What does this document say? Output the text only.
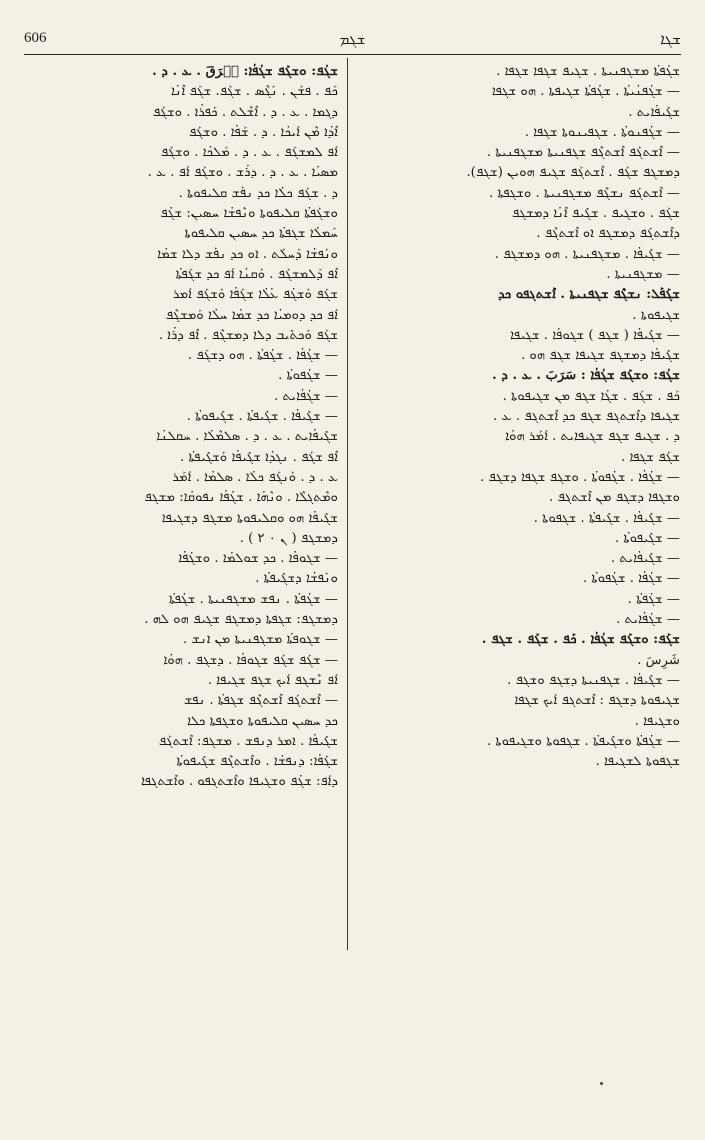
606	ܫܓܡ	ܫܓܐ
ܫܓܳܦܬܳܐ ܡܫܓܦܢܝܬܐ . ܫܓܝܦ ܫܓܦܐ ܫܓܦܐ .
— ܫܓܳܦܢܳܝܬܳܐ . ܫܓܳܦܬܳܐ ܫܓܝܦܬܐ . ܗܘ ܫܓܦܐ
ܫܓܺܝܦܳܐܝܬ .
— ܫܓܳܦܢܘܬܳܐ . ܫܓܦܝܢܘܬܐ ܫܓܦܐ .
— ܐܶܫܬܓܰܦ ܐܶܫܬܓܶܦ ܫܓܦܢܝܬܐ ܡܫܓܦܢܝܬܐ .
ܕܡܫܓܦ ܫܓܰܦ . ܐܶܫܬܓܰܦ ܫܓܝܦ ܗܘܝܢ (ܫܓܦ).
— ܐܶܫܬܓܰܦ ܢܫܓܶܦ ܡܫܓܦܢܝܬܐ . ܘܫܓܦܬܐ .
ܫܓܰܦ . ܘܫܓܝܦ . ܫܓܺܝܦ ܐܶܢܳܐ ܕܡܫܓܦ
ܕܐܶܫܬܓܰܦ ܕܡܫܓܦ ܐܘ ܐܶܫܬܓܶܦ .
— ܫܓܺܝܦܳܐ . ܡܫܓܦܢܝܬܐ . ܗܘ ܕܡܫܓܦ .
— ܡܫܓܦܢܝܬܐ .
ܫܓܰܦܰܠ: ܢܫܓܶܦ ܫܓܦܢܝܬܐ . ܐܶܫܬܓܦܘ ܟܕ
ܫܓܝܦܘܬܐ .
— ܫܓܺܝܦܳܐ ( ܫܓܦ ) ܫܓܘܦܳܐ . ܫܓܝܦܐ
ܫܓܺܝܦܳܐ ܕܡܫܓܦ ܫܓܝܦܐ ܫܓܦ ܗܘ .
ܫܓܳܦ: ܘܫܓܰܦ ܫܓܳܦܳܐ : سَرَبَ . ܥ . ܕ .
ܟܰܦ . ܫܓܰܦ . ܫܓܳܐ ܫܓܦ ܡܢ ܫܓܝܦܘܬܐ .
ܫܓܝܦܐ ܕܐܶܫܬܓܦ ܫܓܦ ܟܕ ܐܶܫܬܓܦ . ܥ .
ܕ . ܫܓܝܦ ܫܓܦ ܫܓܝܦܐܝܬ . ܐܰܡܰܪ ܗܘܳܐ
ܫܓܰܦ ܫܓܦܐ .
— ܫܓܳܦܳܐ . ܫܓܳܦܘܬܳܐ . ܘܫܓܦ ܫܓܦܐ ܕܫܓܦ .
ܘܫܓܦܐ ܕܫܓܦ ܡܢ ܐܶܫܬܓܦ .
— ܫܓܺܝܦܳܐ . ܫܓܺܝܦܬܳܐ . ܫܓܦܘܬܐ .
— ܫܓܺܝܦܘܬܳܐ .
— ܫܓܺܝܦܳܐܝܬ .
— ܫܓܳܦܳܐ . ܫܓܳܦܘܬܳܐ .
— ܫܓܳܦܬܳܐ .
— ܫܓܳܦܳܐܝܬ .
ܫܓܰܦ: ܘܫܓܰܦ ܫܓܳܦܳܐ . ܟܰܦ . ܫܓܰܦ . ܫܓܦ .
شَرِسَ .
— ܫܓܺܝܦܳܐ . ܫܓܦܢܝܬܐ ܕܫܓܦ ܘܫܓܦ .
ܫܓܝܦܘܬܐ ܕܫܓܦ : ܐܶܫܬܓܦ ܐܰܝܟ ܫܓܦܐ
ܘܫܓܝܦܐ .
— ܫܓܳܦܬܳܐ ܘܫܓܺܝܦܬܳܐ . ܫܓܦܘܬܐ ܘܫܓܝܦܘܬܐ .
ܫܓܦܘܬܐ ܠܫܓܝܦܐ .
ܫܓܳܦ: ܘܫܓܰܦ ܫܓܳܦܳܐ: ܫَرَقَ . ܥ . ܕ .
ܟܰܦ . ܦܫܰܢ . ܢܰܓܶܣ . ܫܓܰܦ. ܫܓܰܦ ܐܶܢܳܐ
ܕܓܡܐ . ܥ . ܕ . ܐܶܫܶܠܬ . ܟܰܦܪܳܐ . ܘܫܓܰܦ
ܐܶܕܳܐ ܡܶܢ ܐܰܝܟܳܐ . ܕ . ܫܰܦܳܐ . ܘܫܓܰܦ
ܐܰܦ ܠܡܫܓܰܦ . ܥ . ܕ . ܡܰܠܟܳܐ . ܘܫܓܰܦ
ܡܣܝܳܐ . ܥ . ܕ . ܕܪܰܫ . ܘܫܓܰܦ ܐܰܦ . ܥ .
ܕ . ܫܓܰܦ ܟܠܳܐ ܟܕ ܢܦܰܫ ܩܠܝܦܘܬܐ .
ܘܫܓܰܦܬܳܐ ܩܠܝܦܘܬܐ ܘܢܶܦܫܳܐ ܚܣܝܢ: ܫܓܳܦ
ܚܰܡܠܳܐ ܫܓܦܬܳܐ ܟܕ ܚܣܝܢ ܩܠܝܦܘܬܐ
ܘܢܰܦܫܳܐ ܕܰܚܠܰܬ . ܐܘ ܟܕ ܢܦܰܫ ܕܠܐ ܫܡܳܐ
ܐܶܦ ܕܰܠܡܫܓܰܦ . ܘܰܩܢܳܐ ܐܰܦ ܟܕ ܫܓܰܦܬܳܐ
ܫܓܰܦ ܘܰܫܓܳܦ ܥܳܠܳܐ ܫܓܰܦܳܐ ܘܰܫܓܰܦ ܐܰܡܪ
ܐܰܦ ܟܕ ܕܘܡܝܳܐ ܟܕ ܫܡܳܐ ܚܠܳܐ ܘܰܡܫܓܶܦ
ܫܓܰܦ ܘܰܟܬܺܝܒ ܕܠܐ ܕܡܫܓܶܦ . ܐܶܦ ܕܪܳܐ .
— ܫܓܳܦܳܐ . ܫܓܳܦܬܳܐ . ܗܘ ܕܫܓܰܦ .
— ܫܓܳܦܘܬܳܐ .
— ܫܓܳܦܳܐܝܬ .
— ܫܓܺܝܦܳܐ . ܫܓܺܝܦܬܳܐ . ܫܓܺܝܦܘܬܳܐ .
ܫܓܺܝܦܳܐܝܬ . ܥ . ܕ . ܣܠܡܶܠܳܐ . ܚܩܠܢܳܐ
ܐܶܦ ܫܓܰܦ . ܢܓܕܳܐ ܫܓܺܝܦܳܐ ܘܰܫܓܺܝܦܬܳܐ .
ܥ . ܕ . ܘܰܢܓܰܦ ܟܠܳܐ . ܣܠܡܳܐ . ܐܰܡܰܪ
ܘܡܶܬܓܠܶܐ . ܘܢܶܗܳܐ . ܫܓܳܦܳܐ ܢܦܘܩܳܐ: ܡܫܓܦ
ܫܓܺܝܦܳܐ ܗܘ ܘܩܠܝܦܘܬܐ ܡܫܓܦ ܕܫܓܝܦܐ
ܕܡܫܓܦ ( ܢ ٠ ٢ ) .
— ܫܓܘܦܳܐ . ܟܕ ܫܘܠܡܳܐ . ܘܫܓܳܦܳܐ
ܘܢܰܦܫܳܐ ܕܫܓܺܝܦܬܳܐ .
— ܫܓܳܦܬܳܐ . ܢܦܫ ܡܫܓܦܢܝܬܐ . ܫܓܳܦܬܳܐ
ܕܡܫܓܦ: ܫܓܦܬܐ ܕܡܫܓܦ ܫܓܝܦ ܗܘ ܠܗ .
— ܫܓܘܦܬܳܐ ܡܫܓܦܢܝܬܐ ܡܢ ܐܢܫ .
— ܫܓܰܦ ܫܓܰܦ ܫܓܘܦܳܐ . ܕܫܓܦ . ܗܘܳܐ
ܐܰܦ ܢܶܫܓܦ ܐܰܝܟ ܫܓܦ ܫܓܝܦܐ .
— ܐܶܫܬܓܰܦ ܐܶܫܬܓܶܦ ܫܓܦܬܳܐ . ܢܦܫ
ܟܕ ܚܣܝܢ ܩܠܝܦܘܬܐ ܘܫܓܦܬܐ ܟܠܐ
ܫܓܺܝܦܳܐ . ܐܡܪ ܕܢܦܫ . ܡܫܓܦ: ܐܶܫܬܓܰܦ
ܫܓܰܦܳܐ: ܕܢܦܫܳܐ . ܘܐܶܫܬܓܶܦ ܫܓܺܝܦܘܬܳܐ
ܕܐܰܦ: ܫܓܳܦ ܘܫܓܝܦܐ ܘܐܶܫܬܓܦܘ . ܘܐܶܫܬܓܦܐ
